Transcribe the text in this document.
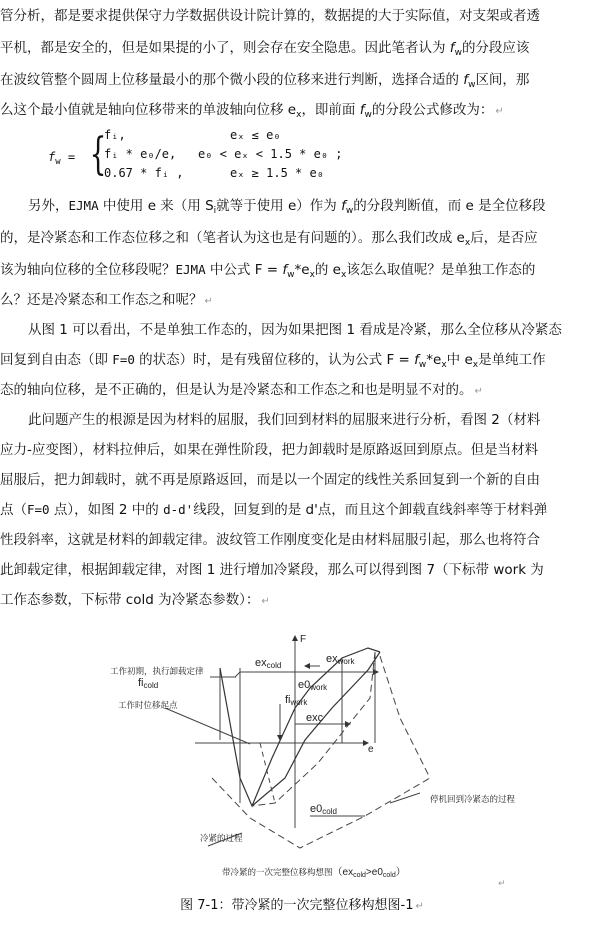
管分析，都是要求提供保守力学数据供设计院计算的，数据提的大于实际值，对支架或者透
平机，都是安全的，但是如果提的小了，则会存在安全隐患。因此笔者认为 $f_w$的分段应该
在波纹管整个圆周上位移量最小的那个微小段的位移来进行判断，选择合适的 $f_w$区间，那
么这个最小值就是轴向位移带来的单波轴向位移 $e_x$，即前面 $f_w$的分段公式修改为： ↵
$f_w$ = {
fᵢ,	eₓ ≤ e₀
fᵢ * e₀/e, e₀ < eₓ < 1.5 * e₀ ;
0.67 * fᵢ ,	eₓ ≥ 1.5 * e₀
另外，EJMA 中使用 e 来（用 $S_i$就等于使用 e）作为 $f_w$的分段判断值，而 e 是全位移段
的，是冷紧态和工作态位移之和（笔者认为这也是有问题的）。那么我们改成 $e_x$后，是否应
该为轴向位移的全位移段呢？EJMA 中公式 $F = f_w*e_x$的 $e_x$该怎么取值呢？是单独工作态的
么？还是冷紧态和工作态之和呢？ ↵
从图 1 可以看出，不是单独工作态的，因为如果把图 1 看成是冷紧，那么全位移从冷紧态
回复到自由态（即 F=0 的状态）时，是有残留位移的，认为公式 $F = f_w*e_x$中 $e_x$是单纯工作
态的轴向位移，是不正确的，但是认为是冷紧态和工作态之和也是明显不对的。 ↵
此问题产生的根源是因为材料的屈服，我们回到材料的屈服来进行分析，看图 2（材料
应力-应变图），材料拉伸后，如果在弹性阶段，把力卸载时是原路返回到原点。但是当材料
屈服后，把力卸载时，就不再是原路返回，而是以一个固定的线性关系回复到一个新的自由
点（F=0 点），如图 2 中的 d-d'线段，回复到的是 d'点，而且这个卸载直线斜率等于材料弹
性段斜率，这就是材料的卸载定律。波纹管工作刚度变化是由材料屈服引起，那么也将符合
此卸载定律，根据卸载定律，对图 1 进行增加冷紧段，那么可以得到图 7（下标带 work 为
工作态参数，下标带 cold 为冷紧态参数）： ↵
F
e
excold
exwork
e0work
fiwork
ficold
exc
e0cold
工作初期，执行卸载定律
工作时位移起点
停机回到冷紧态的过程
冷紧的过程
带冷紧的一次完整位移构想图$(ex_{cold}>e0_{cold})$
↵
图 7-1：带冷紧的一次完整位移构想图-1 ↵
